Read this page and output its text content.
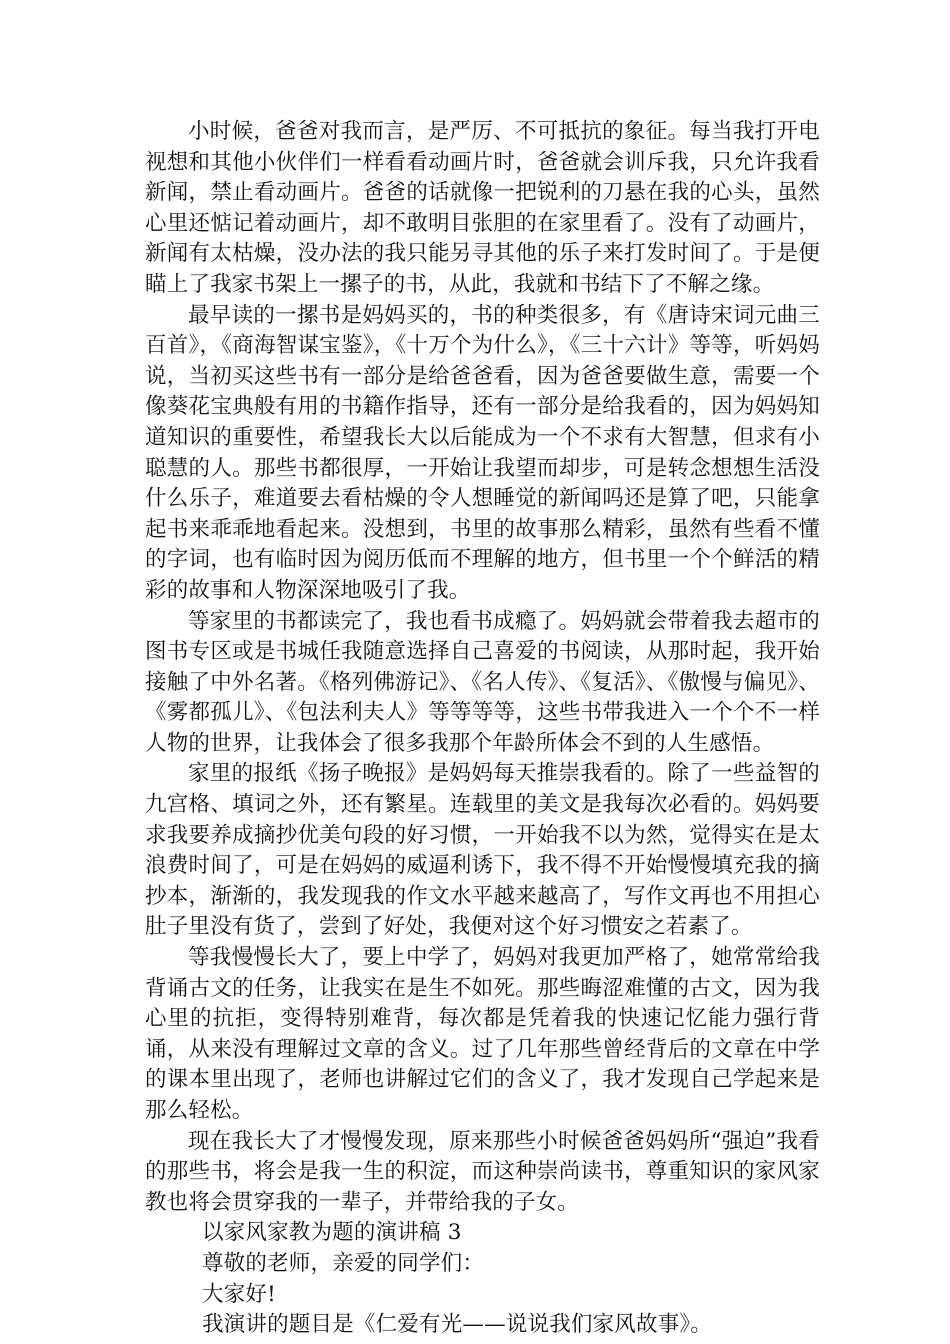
小时候，爸爸对我而言，是严厉、不可抵抗的象征。每当我打开电视想和其他小伙伴们一样看看动画片时，爸爸就会训斥我，只允许我看新闻，禁止看动画片。爸爸的话就像一把锐利的刀悬在我的心头，虽然心里还惦记着动画片，却不敢明目张胆的在家里看了。没有了动画片，新闻有太枯燥，没办法的我只能另寻其他的乐子来打发时间了。于是便瞄上了我家书架上一摞子的书，从此，我就和书结下了不解之缘。

最早读的一摞书是妈妈买的，书的种类很多，有《唐诗宋词元曲三百首》，《商海智谋宝鉴》，《十万个为什么》，《三十六计》等等，听妈妈说，当初买这些书有一部分是给爸爸看，因为爸爸要做生意，需要一个像葵花宝典般有用的书籍作指导，还有一部分是给我看的，因为妈妈知道知识的重要性，希望我长大以后能成为一个不求有大智慧，但求有小聪慧的人。那些书都很厚，一开始让我望而却步，可是转念想想生活没什么乐子，难道要去看枯燥的令人想睡觉的新闻吗还是算了吧，只能拿起书来乖乖地看起来。没想到，书里的故事那么精彩，虽然有些看不懂的字词，也有临时因为阅历低而不理解的地方，但书里一个个鲜活的精彩的故事和人物深深地吸引了我。

等家里的书都读完了，我也看书成瘾了。妈妈就会带着我去超市的图书专区或是书城任我随意选择自己喜爱的书阅读，从那时起，我开始接触了中外名著。《格列佛游记》、《名人传》、《复活》、《傲慢与偏见》、《雾都孤儿》、《包法利夫人》等等等等，这些书带我进入一个个不一样人物的世界，让我体会了很多我那个年龄所体会不到的人生感悟。

家里的报纸《扬子晚报》是妈妈每天推崇我看的。除了一些益智的九宫格、填词之外，还有繁星。连载里的美文是我每次必看的。妈妈要求我要养成摘抄优美句段的好习惯，一开始我不以为然，觉得实在是太浪费时间了，可是在妈妈的威逼利诱下，我不得不开始慢慢填充我的摘抄本，渐渐的，我发现我的作文水平越来越高了，写作文再也不用担心肚子里没有货了，尝到了好处，我便对这个好习惯安之若素了。

等我慢慢长大了，要上中学了，妈妈对我更加严格了，她常常给我背诵古文的任务，让我实在是生不如死。那些晦涩难懂的古文，因为我心里的抗拒，变得特别难背，每次都是凭着我的快速记忆能力强行背诵，从来没有理解过文章的含义。过了几年那些曾经背后的文章在中学的课本里出现了，老师也讲解过它们的含义了，我才发现自己学起来是那么轻松。

现在我长大了才慢慢发现，原来那些小时候爸爸妈妈所“强迫”我看的那些书，将会是我一生的积淀，而这种崇尚读书，尊重知识的家风家教也将会贯穿我的一辈子，并带给我的子女。

以家风家教为题的演讲稿 3

尊敬的老师，亲爱的同学们：

大家好!

我演讲的题目是《仁爱有光——说说我们家风故事》。
